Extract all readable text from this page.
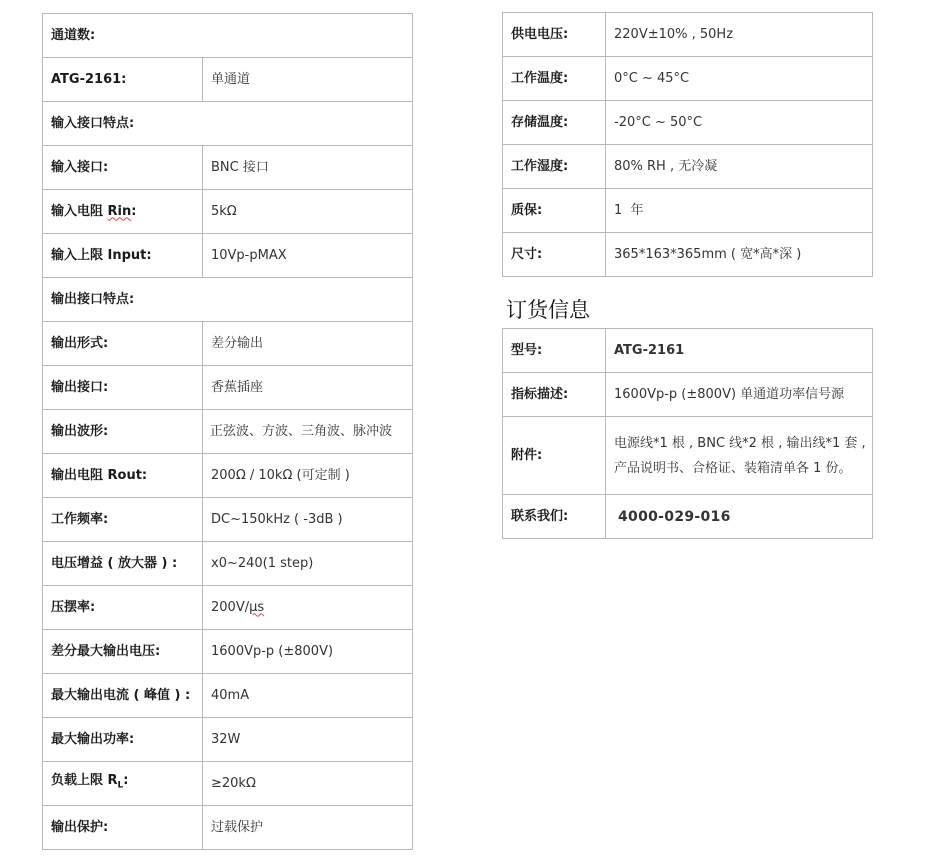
通道数:	
ATG-2161:	单通道
输入接口特点:	
输入接口:	BNC 接口
输入电阻 Rin:	5kΩ
输入上限 Input:	10Vp-pMAX
输出接口特点:	
输出形式:	差分输出
输出接口:	香蕉插座
输出波形:	正弦波、方波、三角波、脉冲波
输出电阻 Rout:	200Ω / 10kΩ (可定制 )
工作频率:	DC~150kHz ( -3dB )
电压增益 ( 放大器 ) :	x0~240(1 step)
压摆率:	200V/μs
差分最大输出电压:	1600Vp-p (±800V)
最大输出电流 ( 峰值 ) :	40mA
最大输出功率:	32W
负载上限 $R_L$:	≥20kΩ
输出保护:	过载保护
供电电压:	220V±10% , 50Hz
工作温度:	0°C ~ 45°C
存储温度:	-20°C ~ 50°C
工作湿度:	80% RH , 无冷凝
质保:	1  年
尺寸:	365*163*365mm ( 宽*高*深 )
订货信息
型号:	ATG-2161
指标描述:	1600Vp-p (±800V) 单通道功率信号源
附件:	电源线*1 根 , BNC 线*2 根 , 输出线*1 套 , 产品说明书、合格证、装箱清单各 1 份。
联系我们:	4000-029-016
